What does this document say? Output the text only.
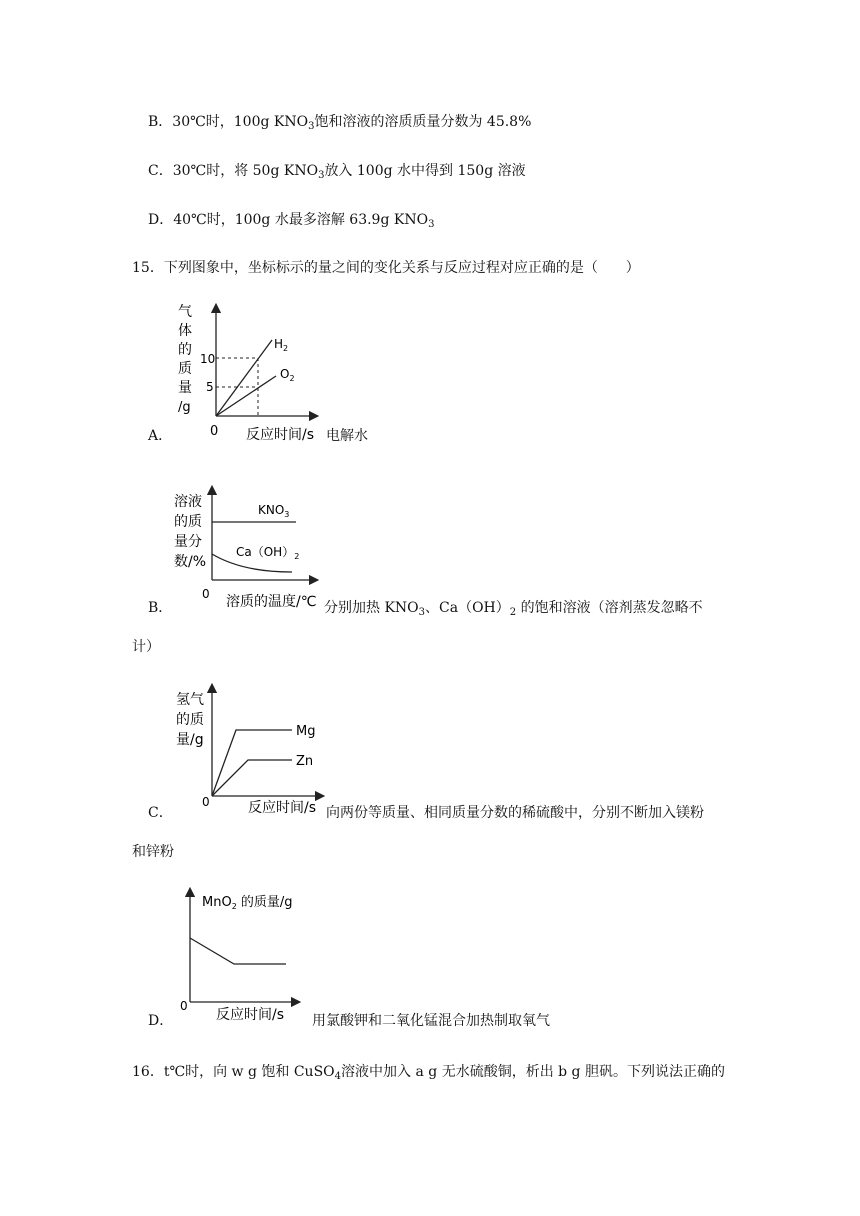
B．30℃时，100g $KNO_3$饱和溶液的溶质质量分数为 45.8%
C．30℃时，将 50g $KNO_3$放入 100g 水中得到 150g 溶液
D．40℃时，100g 水最多溶解 63.9g $KNO_3$
15．下列图象中，坐标标示的量之间的变化关系与反应过程对应正确的是（　　）
气
体
的
质
量
/g
10
5
0
$H_2$
$O_2$
反应时间/s
A．	电解水
溶液
的质
量分
数/%
$KNO_3$
$Ca(OH)_2$
0 溶质的温度/℃
B．	分别加热 $KNO_3$、$Ca(OH)_2$ 的饱和溶液（溶剂蒸发忽略不
计）
氢气
的质
量/g
Mg
Zn
0	反应时间/s
C．	向两份等质量、相同质量分数的稀硫酸中，分别不断加入镁粉
和锌粉
MnO$_2$ 的质量/g
0
反应时间/s
D．	用氯酸钾和二氧化锰混合加热制取氧气
16．t℃时，向 w g 饱和 CuSO$_4$溶液中加入 a g 无水硫酸铜，析出 b g 胆矾。下列说法正确的
